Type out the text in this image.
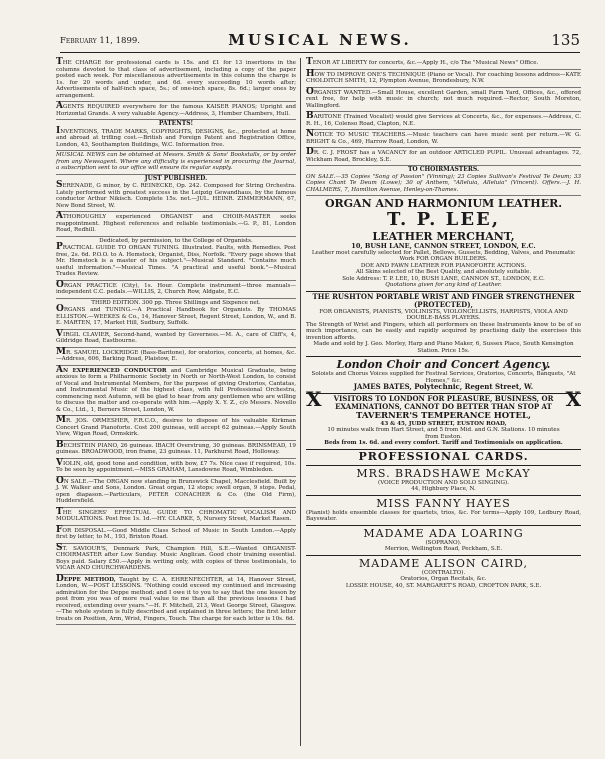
February 11, 1899.	MUSICAL NEWS.	135
THE CHARGE for professional cards is 15s. and £1 for 13 insertions in the columns devoted to that class of advertisement, including a copy of the paper posted each week. For miscellaneous advertisements in this column the charge is 1s. for 20 words and under, and 6d. every succeeding 10 words after; Advertisements of half-inch space, 5s.; of one-inch space, 8s. 6d.; larger ones by arrangement.
AGENTS REQUIRED everywhere for the famous KAISER PIANOS; Upright and Horizontal Grands. A very valuable Agency.—Address, 3, Humber Chambers, Hull.
PATENTS!
INVENTIONS, TRADE MARKS, COPYRIGHTS, DESIGNS, &c., protected at home and abroad at trifling cost.—British and Foreign Patent and Registration Office, London, 43, Southampton Buildings, W.C. Information free.
MUSICAL NEWS can be obtained at Messrs. Smith & Sons' Bookstalls, or by order from any Newsagent. Where any difficulty is experienced in procuring the Journal, a subscription sent to our office will ensure its regular supply.
JUST PUBLISHED.
SERENADE, G minor, by C. REINECKE, Op. 242. Composed for String Orchestra. Lately performed with greatest success in the Leipzig Gewandhaus, by the famous conductor Arthur Nikisch. Complete 15s. net.—JUL. HEINR. ZIMMERMANN, 67, New Bond Street, W.
ATHOROUGHLY experienced ORGANIST and CHOIR-MASTER seeks reappointment. Highest references and reliable testimonials.—G. P., 81, London Road, Redhill.
Dedicated, by permission, to the College of Organists.
PRACTICAL GUIDE TO ORGAN TUNING. Illustrated. Faults, with Remedies. Post free, 2s. 6d. P.O.O. to A. Hemstock, Organist, Diss, Norfolk. "Every page shows that Mr. Hemstock is a master of his subject."—Musical Standard. "Contains much useful information."—Musical Times. "A practical and useful book."—Musical Trades Review.
ORGAN PRACTICE (City), 1s. Hour. Complete instrument—three manuals—independent C.C. pedals.—WILLIS, 2, Church Row, Aldgate, E.C.
THIRD EDITION. 300 pp. Three Shillings and Sixpence net.
ORGANS and TUNING.—A Practical Handbook for Organists. By THOMAS ELLISTON.—WEEKES & Co., 14, Hanover Street, Regent Street, London, W., and B. E. MARTEN, 17, Market Hill, Sudbury, Suffolk.
VIRGIL CLAVIER, Second-hand, wanted by Governess.—M. A., care of Cliff's, 4, Gildridge Road, Eastbourne.
MR. SAMUEL LOCKRIDGE (Bass-Baritone), for oratorios, concerts, at homes, &c.—Address, 606, Barking Road, Plaistow, E.
AN EXPERIENCED CONDUCTOR and Cambridge Musical Graduate, being anxious to form a Philharmonic Society in North or North-West London, to consist of Vocal and Instrumental Members, for the purpose of giving Oratorios, Cantatas, and Instrumental Music of the highest class, with full Professional Orchestra, commencing next Autumn, will be glad to hear from any gentlemen who are willing to discuss the matter and co-operate with him.—Apply X. Y. Z., c/o Messrs. Novello & Co., Ltd., 1, Berners Street, London, W.
MR. JOS. ORMESHER, F.R.C.O., desires to dispose of his valuable Kirkman Concert Grand Pianoforte. Cost 200 guineas, will accept 62 guineas.—Apply South View, Wigan Road, Ormskirk.
BECHSTEIN PIANO, 26 guineas. IBACH Overstrung, 30 guineas. BRINSMEAD, 19 guineas. BROADWOOD, iron frame, 23 guineas. 11, Parkhurst Road, Holloway.
VIOLIN, old, good tone and condition, with bow, £7 7s. Nice case if required, 10s. To be seen by appointment.—MISS GRAHAM, Lansdowne Road, Wimbledon.
ON SALE.—The ORGAN now standing in Brunswick Chapel, Macclesfield. Built by J. W. Walker and Sons, London. Great organ, 12 stops; swell organ, 9 stops. Pedal, open diapason.—Particulars, PETER CONACHER & Co. (the Old Firm), Huddersfield.
THE SINGERS' EFFECTUAL GUIDE TO CHROMATIC VOCALISM AND MODULATIONS. Post free 1s. 1d.—HY. CLARKE, 5, Nursery Street, Market Rasen.
FOR DISPOSAL.—Good Middle Class School of Music in South London.—Apply first by letter, to M., 193, Brixton Road.
ST. SAVIOUR'S, Denmark Park, Champion Hill, S.E.—Wanted ORGANIST-CHOIRMASTER after Low Sunday. Music Anglican. Good choir training essential. Boys paid. Salary £50.—Apply in writing only, with copies of three testimonials, to VICAR AND CHURCHWARDENS.
DEPPE METHOD, Taught by C. A. EHRENFECHTER, at 14, Hanover Street, London, W.—POST LESSONS. "Nothing could exceed my continued and increasing admiration for the Deppe method; and I owe it to you to say that the one lesson by post from you was of more real value to me than all the previous lessons I had received, extending over years."—H. F. Mitchell, 213, West George Street, Glasgow.—The whole system is fully described and explained in three letters; the first letter treats on Position, Arm, Wrist, Fingers, Touch. The charge for each letter is 10s. 6d.
TENOR AT LIBERTY for concerts, &c.—Apply H., c/o The "Musical News" Office.
HOW TO IMPROVE ONE'S TECHNIQUE (Piano or Vocal). For coaching lessons address—KATE CHOLDITCH SMITH, 12, Plympton Avenue, Brondesbury, N.W.
ORGANIST WANTED.—Small House, excellent Garden, small Farm Yard, Offices, &c., offered rent free, for help with music in church; not much required.—Rector, South Moreton, Wallingford.
BARITONE (Trained Vocalist) would give Services at Concerts, &c., for expenses.—Address, C. R. H., 16, Colenso Road, Clapton, N.E.
NOTICE TO MUSIC TEACHERS.—Music teachers can have music sent per return.—W. G. BRIGHT & Co., 469, Harrow Road, London, W.
DR. C. J. FROST has a VACANCY for an outdoor ARTICLED PUPIL. Unusual advantages. 72, Wickham Road, Brockley, S.E.
TO CHOIRMASTERS.
ON SALE.—35 Copies "Song of Passion" (Vinning); 23 Copies Sullivan's Festival Te Deum; 33 Copies Chant Te Deum (Lowe); 30 of Anthem, "Alleluia, Alleluia" (Vincent). Offers.—J. H. CHALMERS, 7, Hamilton Avenue, Henley-on-Thames.
ORGAN AND HARMONIUM LEATHER.
T. P. LEE,
LEATHER MERCHANT,
10, BUSH LANE, CANNON STREET, LONDON, E.C.
Leather most carefully selected for Pallet, Bellows, Gussets, Bedding, Valves, and Pneumatic Work FOR ORGAN BUILDERS.
DOE AND FAWN LEATHER FOR PIANOFORTE ACTIONS.
All Skins selected of the Best Quality, and absolutely suitable.
Sole Address: T. P. LEE, 10, BUSH LANE, CANNON ST., LONDON, E.C.
Quotations given for any kind of Leather.
THE RUSHTON PORTABLE WRIST AND FINGER STRENGTHENER (PROTECTED),
FOR ORGANISTS, PIANISTS, VIOLINISTS, VIOLONCELLISTS, HARPISTS, VIOLA AND DOUBLE-BASS PLAYERS.
The Strength of Wrist and Fingers, which all performers on these Instruments know to be of so much importance, can be easily and rapidly acquired by practising daily the exercises this invention affords.
Made and sold by J. Geo. Morley, Harp and Piano Maker, 6, Sussex Place, South Kensington Station. Price 15s.
London Choir and Concert Agency.
Soloists and Chorus Voices supplied for Festival Services, Oratorios, Concerts, Banquets, "At Homes," &c.
JAMES BATES, Polytechnic, Regent Street, W.
X	X
VISITORS TO LONDON FOR PLEASURE, BUSINESS, OR EXAMINATIONS, CANNOT DO BETTER THAN STOP AT
TAVERNER'S TEMPERANCE HOTEL,
43 & 45, JUDD STREET, EUSTON ROAD,
10 minutes walk from Hart Street, and 5 from Mid. and G.N. Stations. 10 minutes from Euston.
Beds from 1s. 6d. and every comfort. Tariff and Testimonials on application.
PROFESSIONAL CARDS.
MRS. BRADSHAWE McKAY
(VOICE PRODUCTION AND SOLO SINGING).
44, Highbury Place, N.
MISS FANNY HAYES
(Pianist) holds ensemble classes for quartets, trios, &c. For terms—Apply 109, Ledbury Road, Bayswater.
MADAME ADA LOARING
(SOPRANO).
Merrion, Wellington Road, Peckham, S.E.
MADAME ALISON CAIRD,
(CONTRALTO).
Oratorios, Organ Recitals, &c.
LOSSIE HOUSE, 40, ST. MARGARET'S ROAD, CROFTON PARK, S.E.
